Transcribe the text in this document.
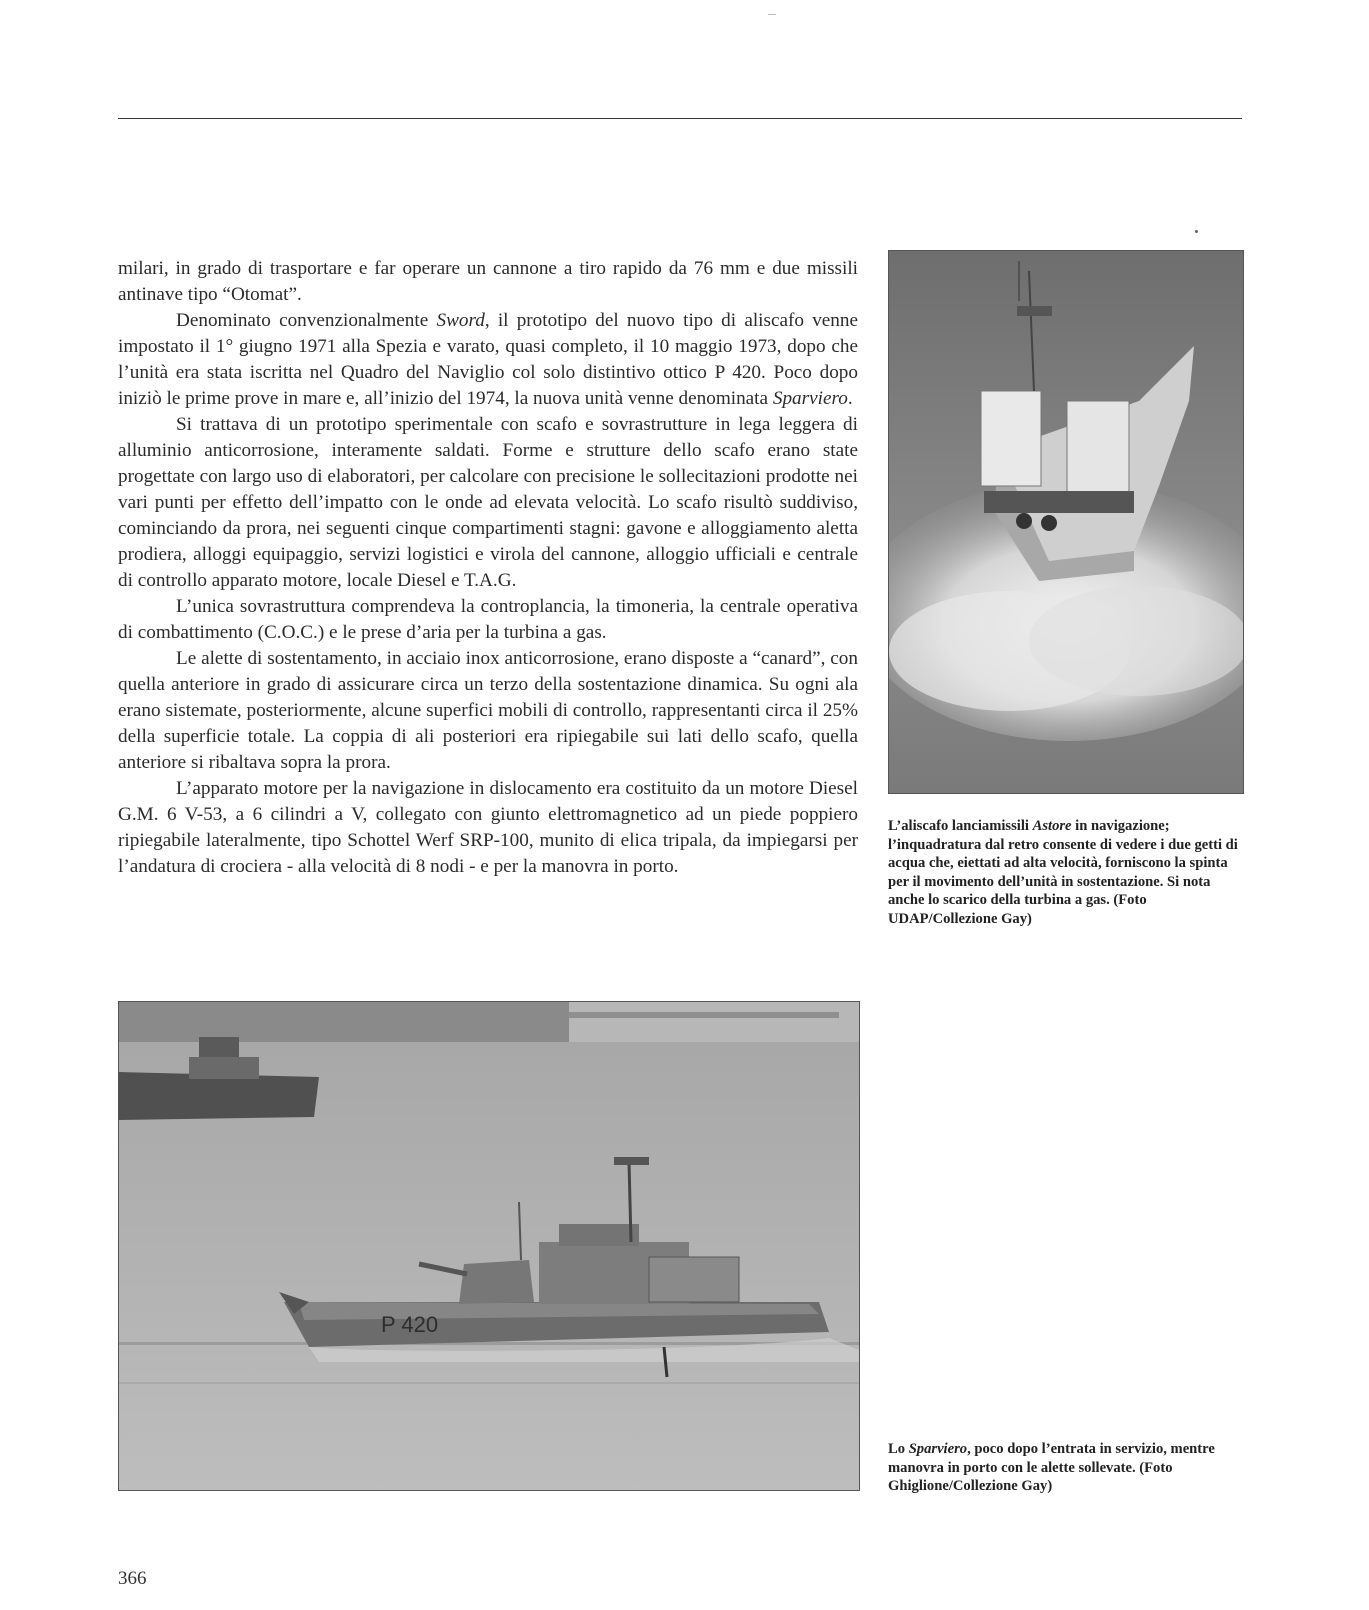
milari, in grado di trasportare e far operare un cannone a tiro rapido da 76 mm e due missili antinave tipo “Otomat”.

Denominato convenzionalmente Sword, il prototipo del nuovo tipo di aliscafo venne impostato il 1° giugno 1971 alla Spezia e varato, quasi completo, il 10 maggio 1973, dopo che l’unità era stata iscritta nel Quadro del Naviglio col solo distintivo ottico P 420. Poco dopo iniziò le prime prove in mare e, all’inizio del 1974, la nuova unità venne denominata Sparviero.

Si trattava di un prototipo sperimentale con scafo e sovrastrutture in lega leggera di alluminio anticorrosione, interamente saldati. Forme e strutture dello scafo erano state progettate con largo uso di elaboratori, per calcolare con precisione le sollecitazioni prodotte nei vari punti per effetto dell’impatto con le onde ad elevata velocità. Lo scafo risultò suddiviso, cominciando da prora, nei seguenti cinque compartimenti stagni: gavone e alloggiamento aletta prodiera, alloggi equipaggio, servizi logistici e virola del cannone, alloggio ufficiali e centrale di controllo apparato motore, locale Diesel e T.A.G.

L’unica sovrastruttura comprendeva la controplancia, la timoneria, la centrale operativa di combattimento (C.O.C.) e le prese d’aria per la turbina a gas.

Le alette di sostentamento, in acciaio inox anticorrosione, erano disposte a “canard”, con quella anteriore in grado di assicurare circa un terzo della sostentazione dinamica. Su ogni ala erano sistemate, posteriormente, alcune superfici mobili di controllo, rappresentanti circa il 25% della superficie totale. La coppia di ali posteriori era ripiegabile sui lati dello scafo, quella anteriore si ribaltava sopra la prora.

L’apparato motore per la navigazione in dislocamento era costituito da un motore Diesel G.M. 6 V-53, a 6 cilindri a V, collegato con giunto elettromagnetico ad un piede poppiero ripiegabile lateralmente, tipo Schottel Werf SRP-100, munito di elica tripala, da impiegarsi per l’andatura di crociera - alla velocità di 8 nodi - e per la manovra in porto.

P 420
L’aliscafo lanciamissili Astore in navigazione; l’inquadratura dal retro consente di vedere i due getti di acqua che, eiettati ad alta velocità, forniscono la spinta per il movimento dell’unità in sostentazione. Si nota anche lo scarico della turbina a gas. (Foto UDAP/Collezione Gay)
Lo Sparviero, poco dopo l’entrata in servizio, mentre manovra in porto con le alette sollevate. (Foto Ghiglione/Collezione Gay)
366
